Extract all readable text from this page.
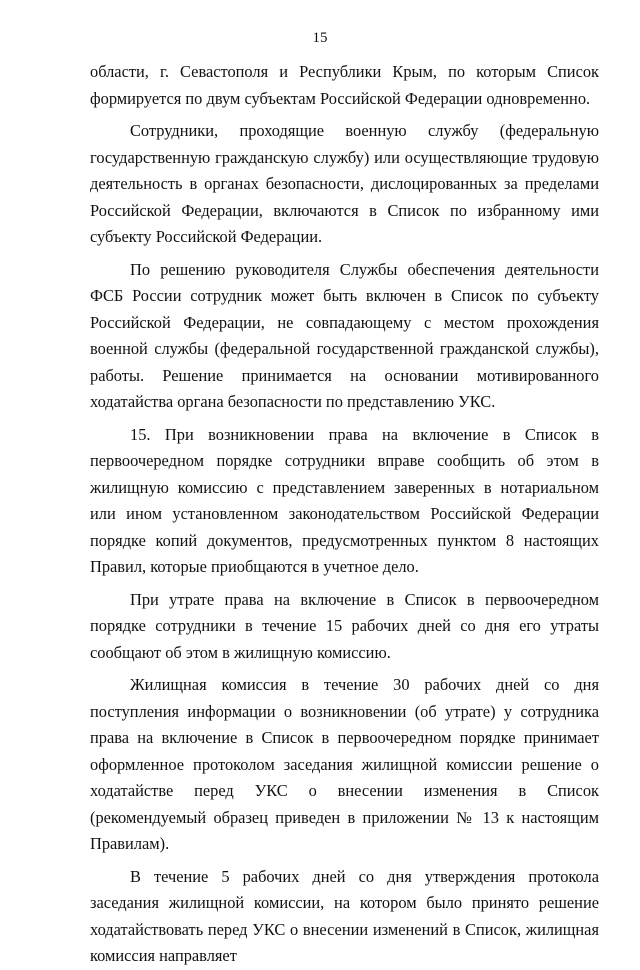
15

области, г. Севастополя и Республики Крым, по которым Список формируется по двум субъектам Российской Федерации одновременно.

Сотрудники, проходящие военную службу (федеральную государственную гражданскую службу) или осуществляющие трудовую деятельность в органах безопасности, дислоцированных за пределами Российской Федерации, включаются в Список по избранному ими субъекту Российской Федерации.

По решению руководителя Службы обеспечения деятельности ФСБ России сотрудник может быть включен в Список по субъекту Российской Федерации, не совпадающему с местом прохождения военной службы (федеральной государственной гражданской службы), работы. Решение принимается на основании мотивированного ходатайства органа безопасности по представлению УКС.

15. При возникновении права на включение в Список в первоочередном порядке сотрудники вправе сообщить об этом в жилищную комиссию с представлением заверенных в нотариальном или ином установленном законодательством Российской Федерации порядке копий документов, предусмотренных пунктом 8 настоящих Правил, которые приобщаются в учетное дело.

При утрате права на включение в Список в первоочередном порядке сотрудники в течение 15 рабочих дней со дня его утраты сообщают об этом в жилищную комиссию.

Жилищная комиссия в течение 30 рабочих дней со дня поступления информации о возникновении (об утрате) у сотрудника права на включение в Список в первоочередном порядке принимает оформленное протоколом заседания жилищной комиссии решение о ходатайстве перед УКС о внесении изменения в Список (рекомендуемый образец приведен в приложении № 13 к настоящим Правилам).

В течение 5 рабочих дней со дня утверждения протокола заседания жилищной комиссии, на котором было принято решение ходатайствовать перед УКС о внесении изменений в Список, жилищная комиссия направляет
